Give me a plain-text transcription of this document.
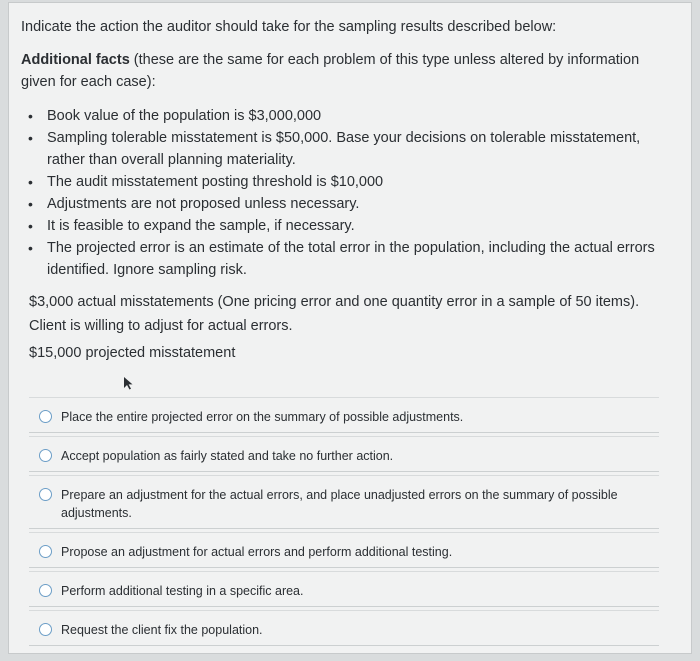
Indicate the action the auditor should take for the sampling results described below:
Additional facts (these are the same for each problem of this type unless altered by information given for each case):
• Book value of the population is $3,000,000
• Sampling tolerable misstatement is $50,000. Base your decisions on tolerable misstatement, rather than overall planning materiality.
• The audit misstatement posting threshold is $10,000
• Adjustments are not proposed unless necessary.
• It is feasible to expand the sample, if necessary.
• The projected error is an estimate of the total error in the population, including the actual errors identified. Ignore sampling risk.
$3,000 actual misstatements (One pricing error and one quantity error in a sample of 50 items). Client is willing to adjust for actual errors.
$15,000 projected misstatement
Place the entire projected error on the summary of possible adjustments.
Accept population as fairly stated and take no further action.
Prepare an adjustment for the actual errors, and place unadjusted errors on the summary of possible adjustments.
Propose an adjustment for actual errors and perform additional testing.
Perform additional testing in a specific area.
Request the client fix the population.
